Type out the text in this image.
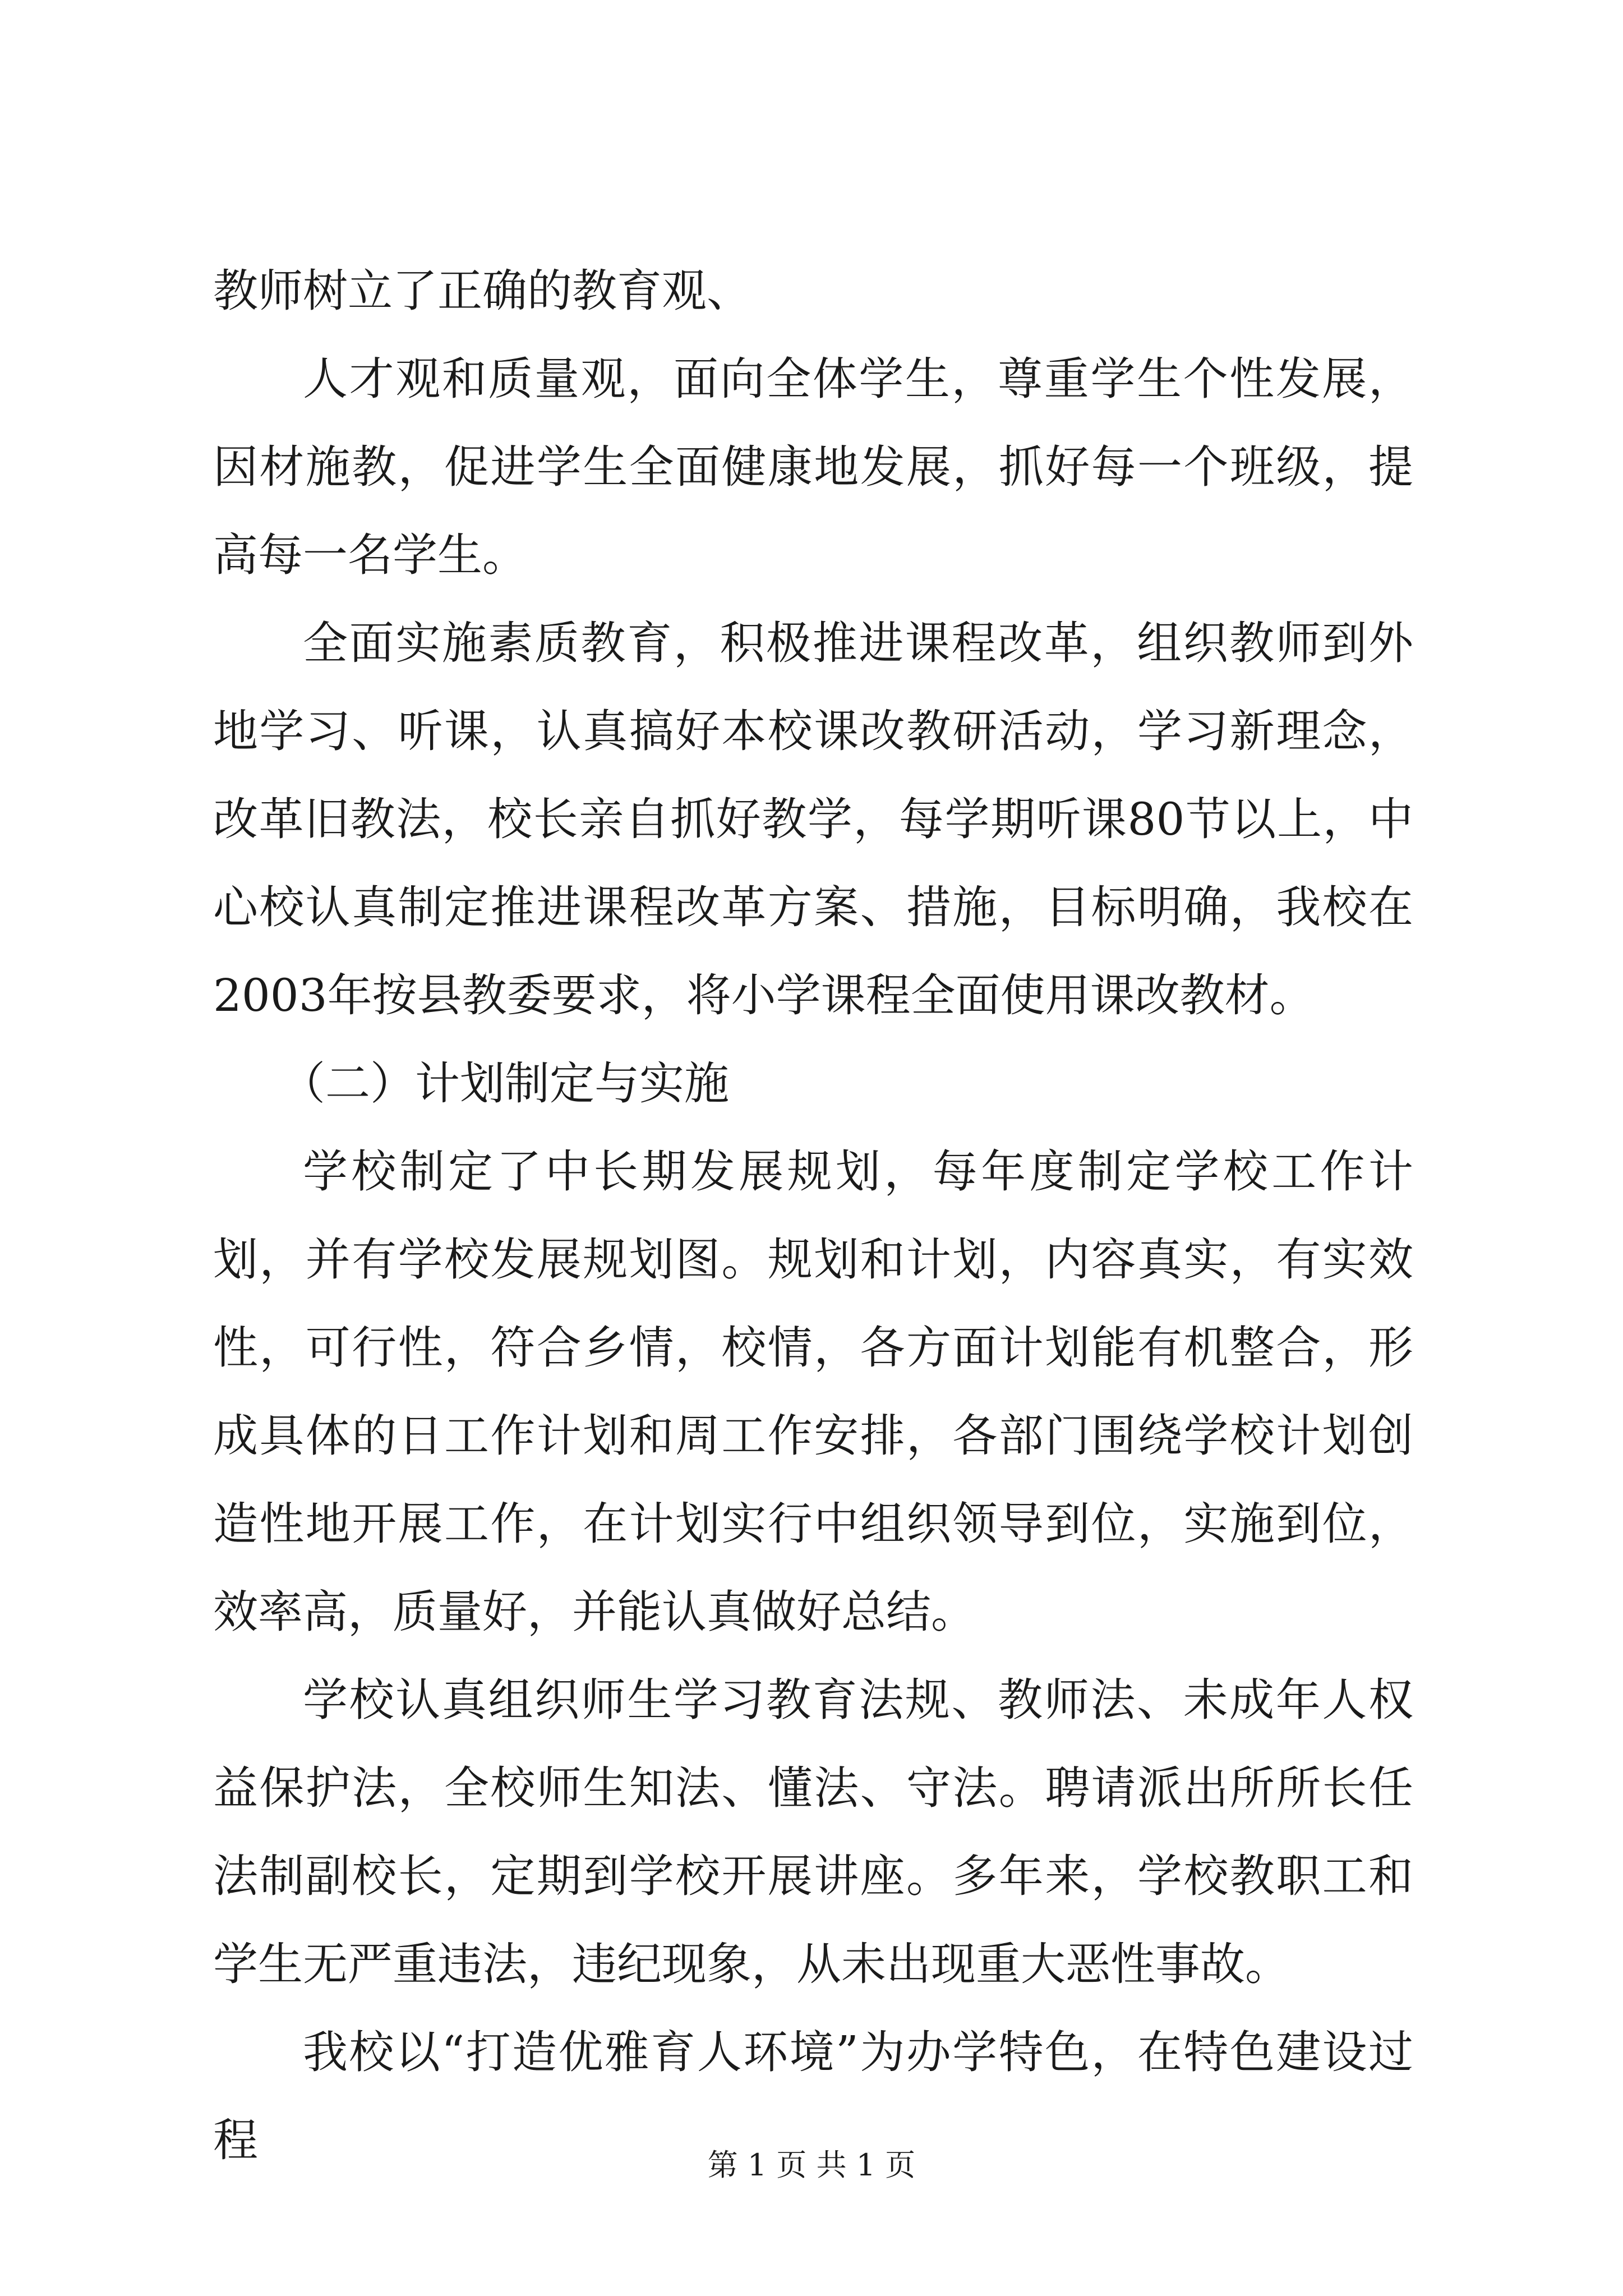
教师树立了正确的教育观、

人才观和质量观，面向全体学生，尊重学生个性发展，因材施教，促进学生全面健康地发展，抓好每一个班级，提高每一名学生。

全面实施素质教育，积极推进课程改革，组织教师到外地学习、听课，认真搞好本校课改教研活动，学习新理念，改革旧教法，校长亲自抓好教学，每学期听课80节以上，中心校认真制定推进课程改革方案、措施，目标明确，我校在2003年按县教委要求，将小学课程全面使用课改教材。

（二）计划制定与实施

学校制定了中长期发展规划，每年度制定学校工作计划，并有学校发展规划图。规划和计划，内容真实，有实效性，可行性，符合乡情，校情，各方面计划能有机整合，形成具体的日工作计划和周工作安排，各部门围绕学校计划创造性地开展工作，在计划实行中组织领导到位，实施到位，效率高，质量好，并能认真做好总结。

学校认真组织师生学习教育法规、教师法、未成年人权益保护法，全校师生知法、懂法、守法。聘请派出所所长任法制副校长，定期到学校开展讲座。多年来，学校教职工和学生无严重违法，违纪现象，从未出现重大恶性事故。

我校以“打造优雅育人环境”为办学特色，在特色建设过程	第 1 页 共 1 页
